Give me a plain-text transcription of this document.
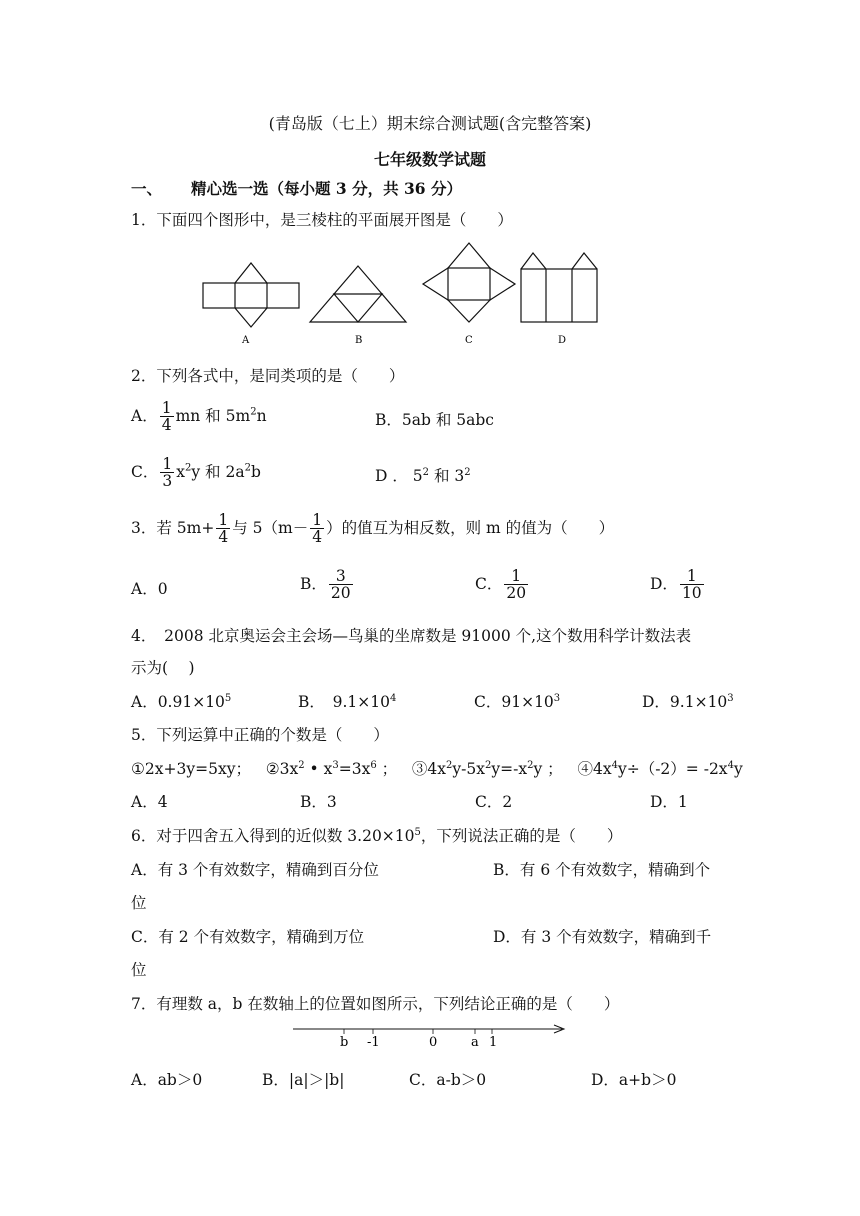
(青岛版（七上）期末综合测试题(含完整答案)
七年级数学试题
一、 精心选一选（每小题 3 分，共 36 分）
1．下面四个图形中，是三棱柱的平面展开图是（　　）
A	B	C	D
2．下列各式中，是同类项的是（　　）
A． $\frac{1}{4}$ mn 和 $5m^2n$	B．5ab 和 5abc
C． $\frac{1}{3} x^2y$ 和 $2a^2b$	D ． $5^2$ 和 $3^2$
3．若 $5m+ \frac{1}{4}$ 与 $5(m- \frac{1}{4}$ ）的值互为相反数，则 m 的值为（　　）
A．0	B． $\frac{3}{20}$	C． $\frac{1}{20}$	D． $\frac{1}{10}$
4．　2008 北京奥运会主会场—鸟巢的坐席数是 91000 个,这个数用科学计数法表
示为(　 )
A．$0.91\times 10^5$	B．　$9.1\times 10^4$	C．$91\times 10^3$	D．$9.1\times 10^3$
5．下列运算中正确的个数是（　　）
①2x+3y=5xy； $②3x^2$ • $x^3=3x^6$ ； $③4x^2y-5x^2y=-x^2y$ ； $④4x^4y\div(-2)= -2x^4y$
A．4	B．3	C．2	D．1
6．对于四舍五入得到的近似数 $3.20\times 10^5$，下列说法正确的是（　　）
A．有 3 个有效数字，精确到百分位	B．有 6 个有效数字，精确到个
位
C．有 2 个有效数字，精确到万位	D．有 3 个有效数字，精确到千
位
7．有理数 a，b 在数轴上的位置如图所示，下列结论正确的是（　　）
b -1	0	a 1
A．ab＞0	B．|a|＞|b|	C．a-b＞0	D．a+b＞0
